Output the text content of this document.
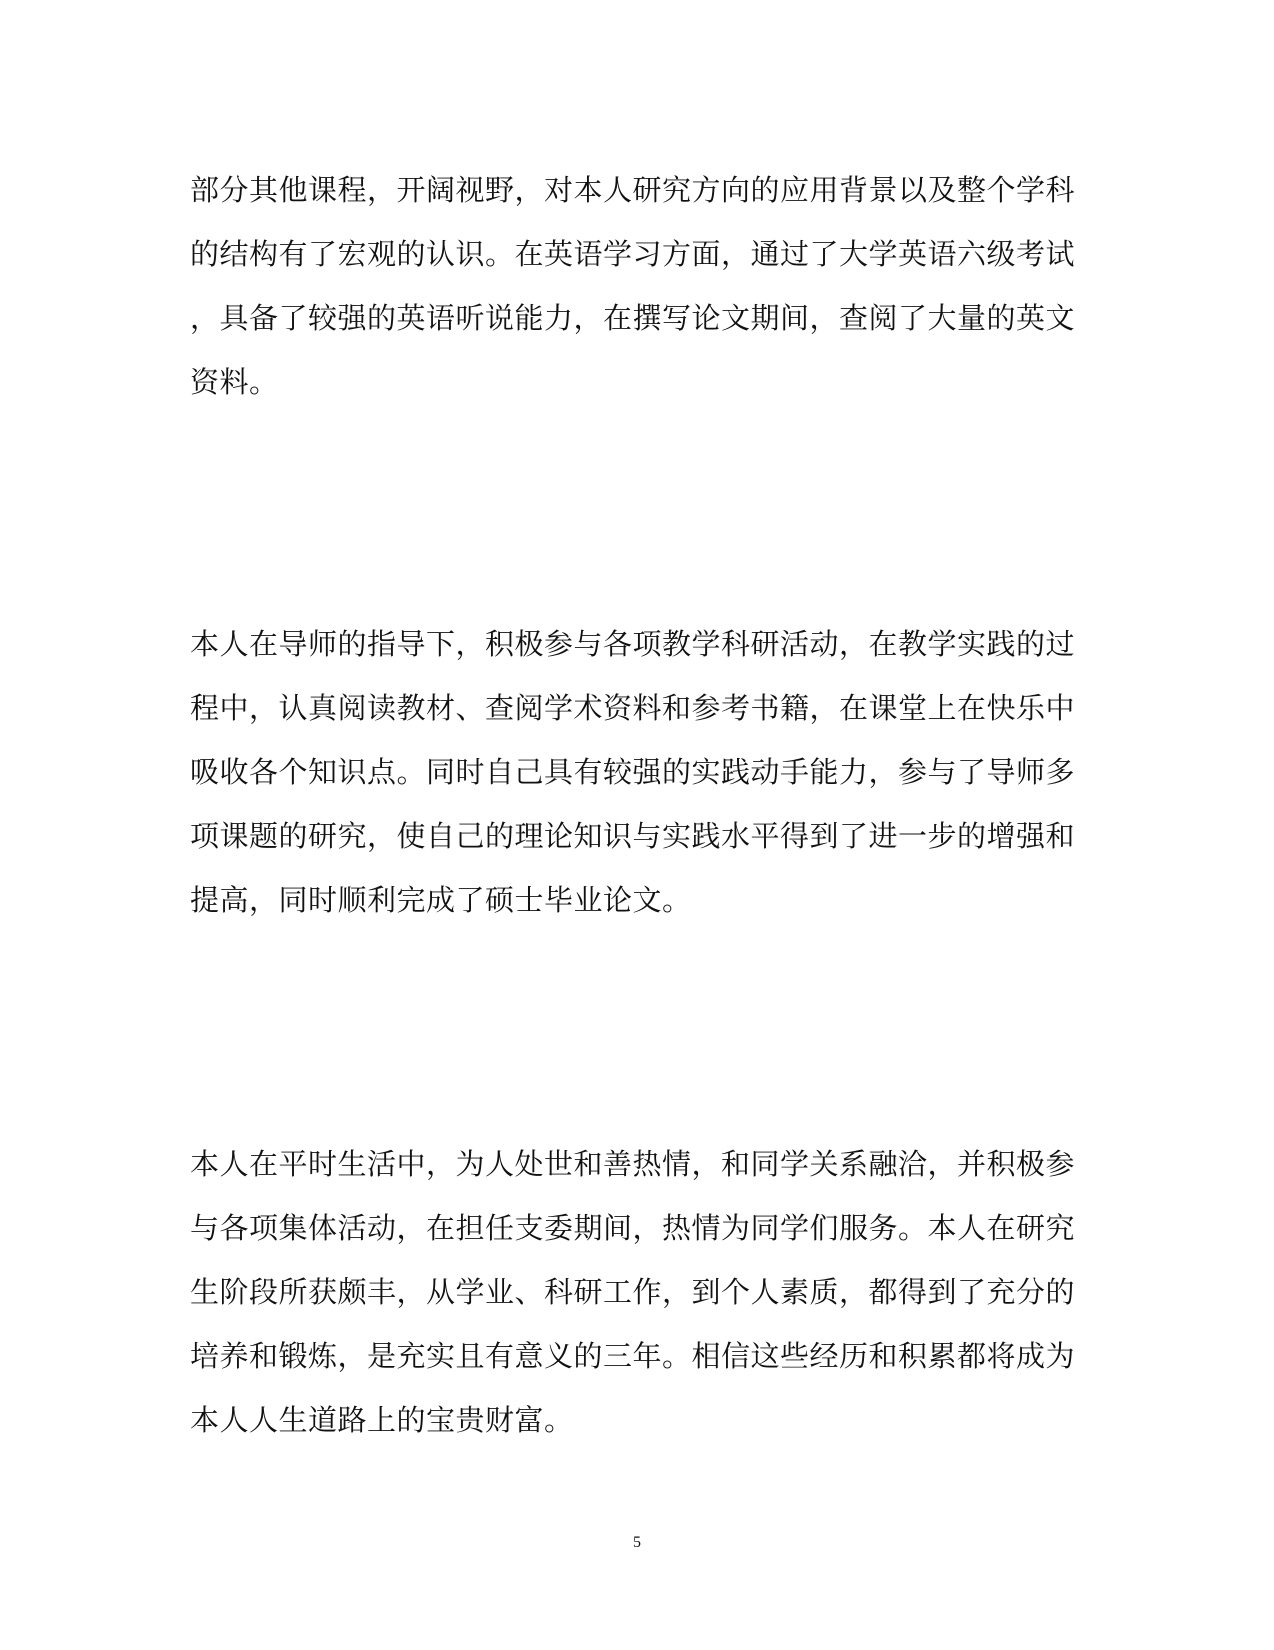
部分其他课程，开阔视野，对本人研究方向的应用背景以及整个学科
的结构有了宏观的认识。在英语学习方面，通过了大学英语六级考试
，具备了较强的英语听说能力，在撰写论文期间，查阅了大量的英文
资料。
本人在导师的指导下，积极参与各项教学科研活动，在教学实践的过
程中，认真阅读教材、查阅学术资料和参考书籍，在课堂上在快乐中
吸收各个知识点。同时自己具有较强的实践动手能力，参与了导师多
项课题的研究，使自己的理论知识与实践水平得到了进一步的增强和
提高，同时顺利完成了硕士毕业论文。
本人在平时生活中，为人处世和善热情，和同学关系融洽，并积极参
与各项集体活动，在担任支委期间，热情为同学们服务。本人在研究
生阶段所获颇丰，从学业、科研工作，到个人素质，都得到了充分的
培养和锻炼，是充实且有意义的三年。相信这些经历和积累都将成为
本人人生道路上的宝贵财富。
5
